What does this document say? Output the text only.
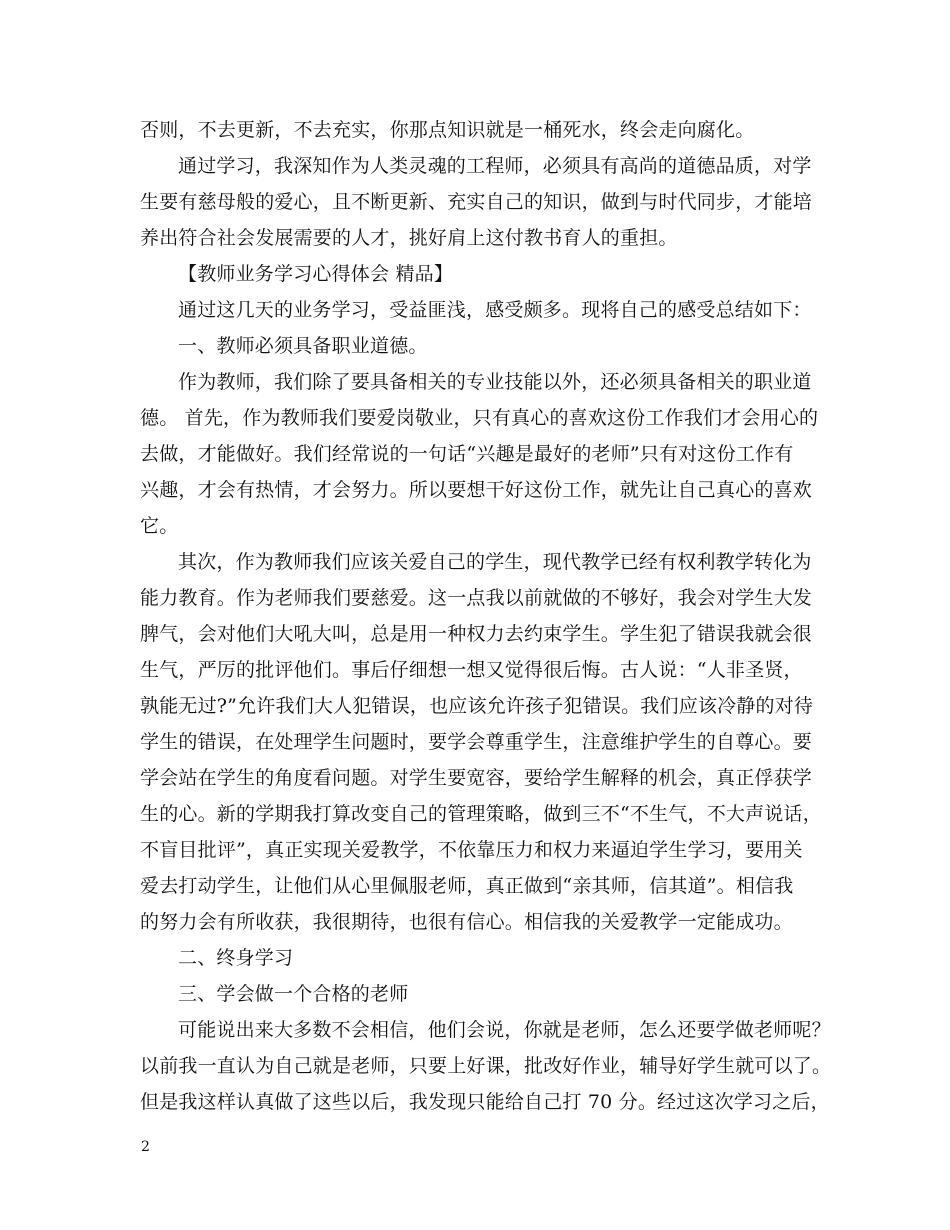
否则，不去更新，不去充实，你那点知识就是一桶死水，终会走向腐化。
通过学习，我深知作为人类灵魂的工程师，必须具有高尚的道德品质，对学
生要有慈母般的爱心，且不断更新、充实自己的知识，做到与时代同步，才能培
养出符合社会发展需要的人才，挑好肩上这付教书育人的重担。
【教师业务学习心得体会 精品】
通过这几天的业务学习，受益匪浅，感受颇多。现将自己的感受总结如下：
一、教师必须具备职业道德。
作为教师，我们除了要具备相关的专业技能以外，还必须具备相关的职业道
德。 首先，作为教师我们要爱岗敬业，只有真心的喜欢这份工作我们才会用心的
去做，才能做好。我们经常说的一句话“兴趣是最好的老师”只有对这份工作有
兴趣，才会有热情，才会努力。所以要想干好这份工作，就先让自己真心的喜欢
它。
其次，作为教师我们应该关爱自己的学生，现代教学已经有权利教学转化为
能力教育。作为老师我们要慈爱。这一点我以前就做的不够好，我会对学生大发
脾气，会对他们大吼大叫，总是用一种权力去约束学生。学生犯了错误我就会很
生气，严厉的批评他们。事后仔细想一想又觉得很后悔。古人说：“人非圣贤，
孰能无过?”允许我们大人犯错误，也应该允许孩子犯错误。我们应该冷静的对待
学生的错误，在处理学生问题时，要学会尊重学生，注意维护学生的自尊心。要
学会站在学生的角度看问题。对学生要宽容，要给学生解释的机会，真正俘获学
生的心。新的学期我打算改变自己的管理策略，做到三不“不生气，不大声说话，
不盲目批评”，真正实现关爱教学，不依靠压力和权力来逼迫学生学习，要用关
爱去打动学生，让他们从心里佩服老师，真正做到“亲其师，信其道”。相信我
的努力会有所收获，我很期待，也很有信心。相信我的关爱教学一定能成功。
二、终身学习
三、学会做一个合格的老师
可能说出来大多数不会相信，他们会说，你就是老师，怎么还要学做老师呢？
以前我一直认为自己就是老师，只要上好课，批改好作业，辅导好学生就可以了。
但是我这样认真做了这些以后，我发现只能给自己打 70 分。经过这次学习之后，
2
